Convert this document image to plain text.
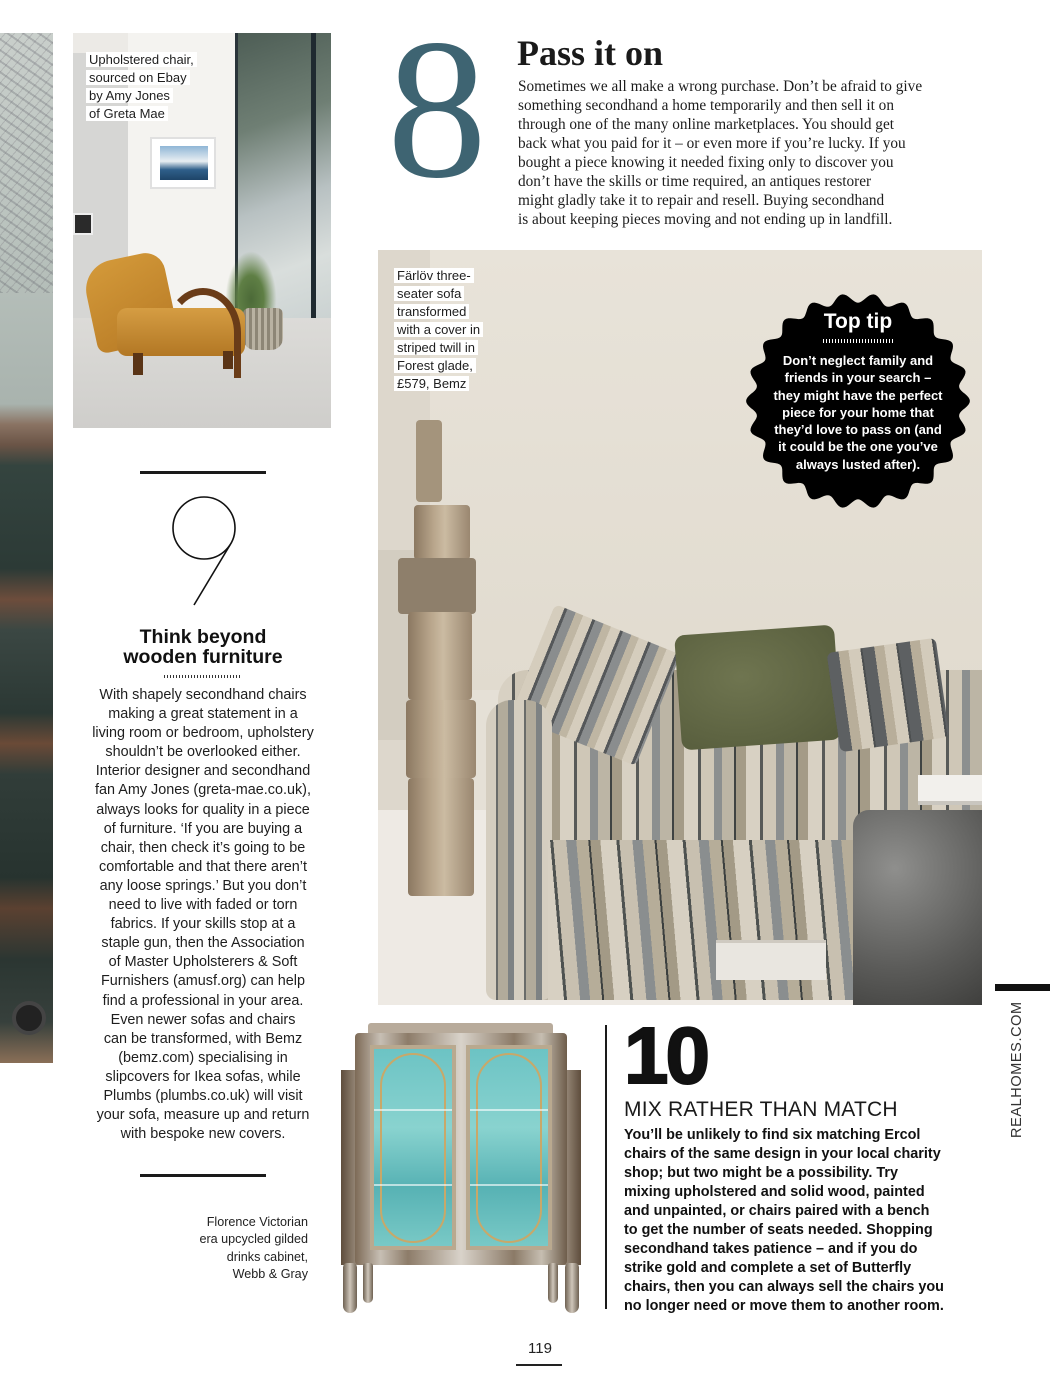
Upholstered chair,
sourced on Ebay
by Amy Jones
of Greta Mae 8 Pass it on

Sometimes we all make a wrong purchase. Don’t be afraid to give
something secondhand a home temporarily and then sell it on
through one of the many online marketplaces. You should get
back what you paid for it – or even more if you’re lucky. If you
bought a piece knowing it needed fixing only to discover you
don’t have the skills or time required, an antiques restorer
might gladly take it to repair and resell. Buying secondhand
is about keeping pieces moving and not ending up in landfill.

Färlöv three-
seater sofa
transformed
with a cover in
striped twill in
Forest glade,
£579, Bemz
Top tip
Don’t neglect family and
friends in your search –
they might have the perfect
piece for your home that
they’d love to pass on (and
it could be the one you’ve
always lusted after).
9
Think beyond
wooden furniture

With shapely secondhand chairs
making a great statement in a
living room or bedroom, upholstery
shouldn’t be overlooked either.
Interior designer and secondhand
fan Amy Jones (greta-mae.co.uk),
always looks for quality in a piece
of furniture. ‘If you are buying a
chair, then check it’s going to be
comfortable and that there aren’t
any loose springs.’ But you don’t
need to live with faded or torn
fabrics. If your skills stop at a
staple gun, then the Association
of Master Upholsterers & Soft
Furnishers (amusf.org) can help
find a professional in your area.
Even newer sofas and chairs
can be transformed, with Bemz
(bemz.com) specialising in
slipcovers for Ikea sofas, while
Plumbs (plumbs.co.uk) will visit
your sofa, measure up and return
with bespoke new covers.

Florence Victorian
era upcycled gilded
drinks cabinet,
Webb & Gray
10
MIX RATHER THAN MATCH

You’ll be unlikely to find six matching Ercol
chairs of the same design in your local charity
shop; but two might be a possibility. Try
mixing upholstered and solid wood, painted
and unpainted, or chairs paired with a bench
to get the number of seats needed. Shopping
secondhand takes patience – and if you do
strike gold and complete a set of Butterfly
chairs, then you can always sell the chairs you
no longer need or move them to another room.

REALHOMES.COM
119
